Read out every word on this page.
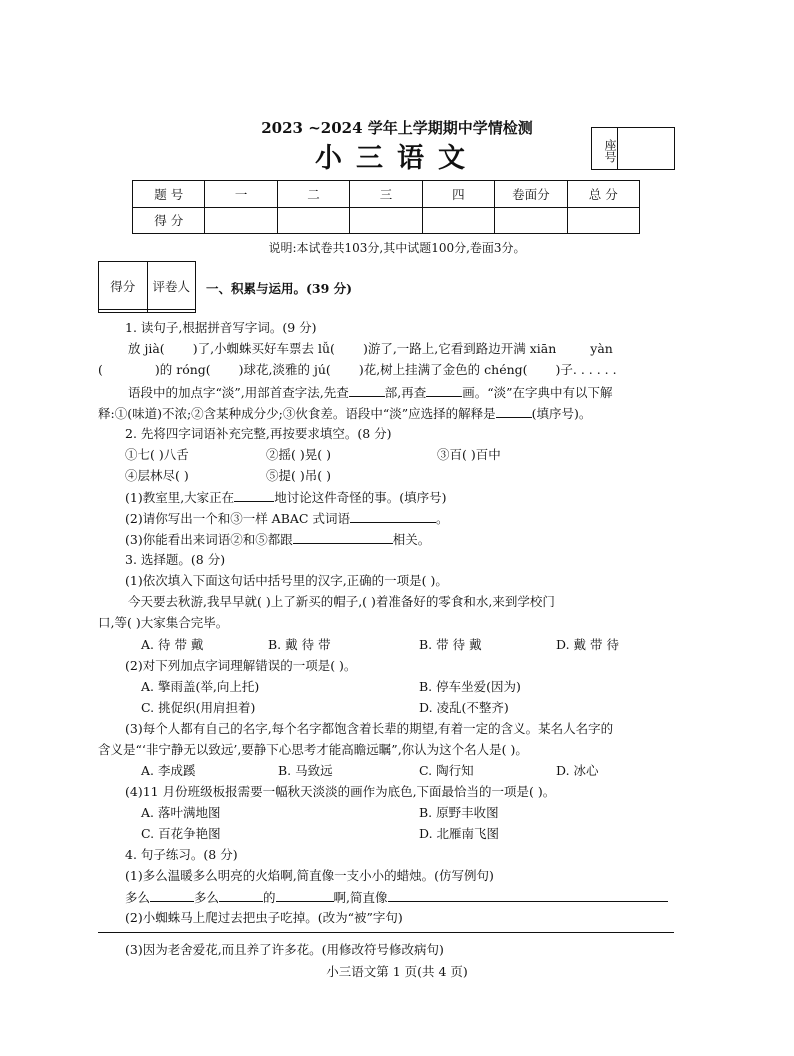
2023 ~2024 学年上学期期中学情检测
小三语文	座号
题 号	一	二	三	四	卷面分	总 分
得 分						
说明:本试卷共103分,其中试题100分,卷面3分。
得分	评卷人
	一、积累与运用。(39 分)
1. 读句子,根据拼音写字词。(9 分)
放 jià( )了,小蜘蛛买好车票去 lǚ( )游了,一路上,它看到路边开满 xiān	yàn
(	)的 róng( )球花,淡雅的 jú( )花,树上挂满了金色的 chéng( )子. . . . . .
语段中的加点字“淡”,用部首查字法,先查	部,再查	画。“淡”在字典中有以下解
释:①(味道)不浓;②含某种成分少;③伙食差。语段中“淡”应选择的解释是	(填序号)。
2. 先将四字词语补充完整,再按要求填空。(8 分)
①七( )八舌	②摇( )晃( )	③百( )百中
④层林尽( )	⑤提( )吊( )
(1)教室里,大家正在	地讨论这件奇怪的事。(填序号)
(2)请你写出一个和③一样 ABAC 式词语	。
(3)你能看出来词语②和⑤都跟	相关。
3. 选择题。(8 分)
(1)依次填入下面这句话中括号里的汉字,正确的一项是( )。
今天要去秋游,我早早就( )上了新买的帽子,( )着准备好的零食和水,来到学校门
口,等( )大家集合完毕。
A. 待 带 戴	B. 戴 待 带	B. 带 待 戴	D. 戴 带 待
(2)对下列加点字词理解错误的一项是( )。
A. 擎雨盖(举,向上托)	B. 停车坐爱(因为)
C. 挑促织(用肩担着)	D. 凌乱(不整齐)
(3)每个人都有自己的名字,每个名字都饱含着长辈的期望,有着一定的含义。某名人名字的
含义是“‘非宁静无以致远’,要静下心思考才能高瞻远瞩”,你认为这个名人是( )。
A. 李成蹊	B. 马致远	C. 陶行知	D. 冰心
(4)11 月份班级板报需要一幅秋天淡淡的画作为底色,下面最恰当的一项是( )。
A. 落叶满地图	B. 原野丰收图
C. 百花争艳图	D. 北雁南飞图
4. 句子练习。(8 分)
(1)多么温暖多么明亮的火焰啊,简直像一支小小的蜡烛。(仿写例句)
多么	多么	的	啊,简直像
(2)小蜘蛛马上爬过去把虫子吃掉。(改为“被”字句)
(3)因为老舍爱花,而且养了许多花。(用修改符号修改病句)
小三语文第 1 页(共 4 页)
